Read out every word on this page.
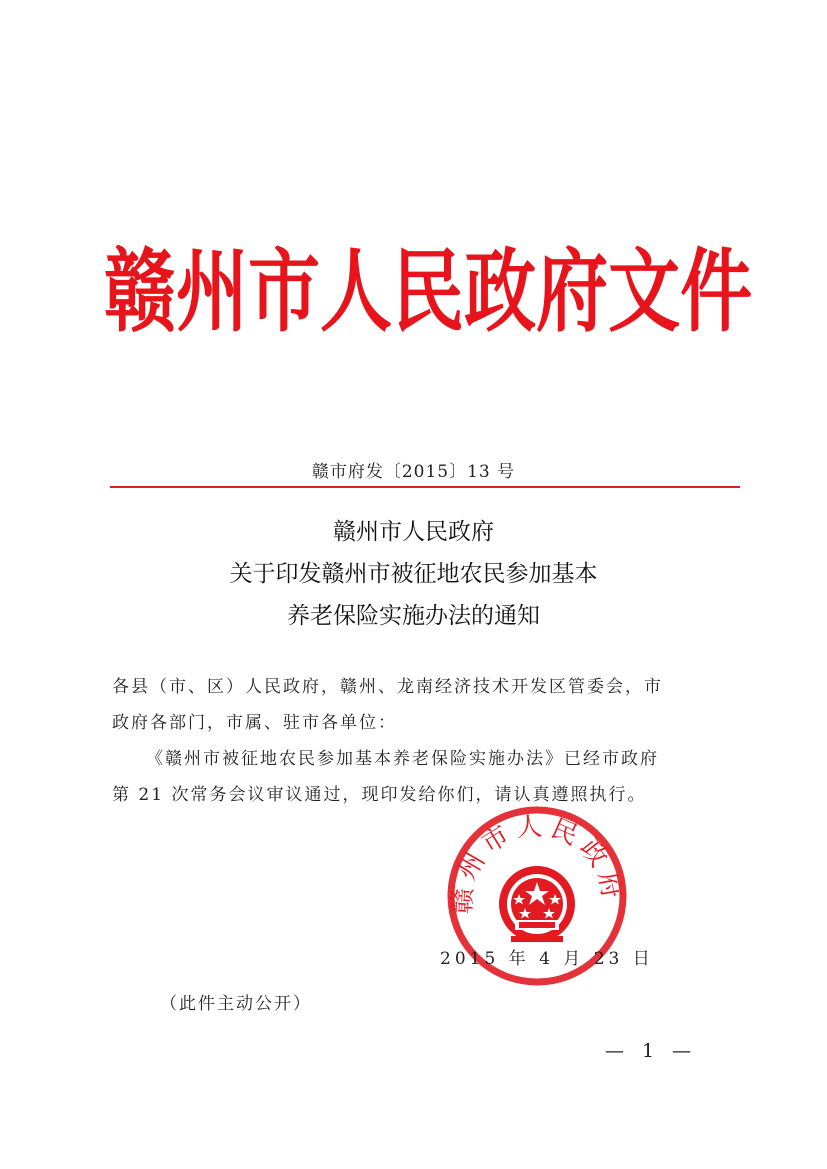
赣 州 市 人 民 政 府 文 件
赣市府发〔2015〕13 号
赣州市人民政府
关于印发赣州市被征地农民参加基本
养老保险实施办法的通知
各县（市、区）人民政府，赣州、龙南经济技术开发区管委会，市
政府各部门，市属、驻市各单位：
《赣州市被征地农民参加基本养老保险实施办法》已经市政府
第 21 次常务会议审议通过，现印发给你们，请认真遵照执行。
赣州市人民政府
2015 年 4 月 23 日
（此件主动公开）
— 1 —
